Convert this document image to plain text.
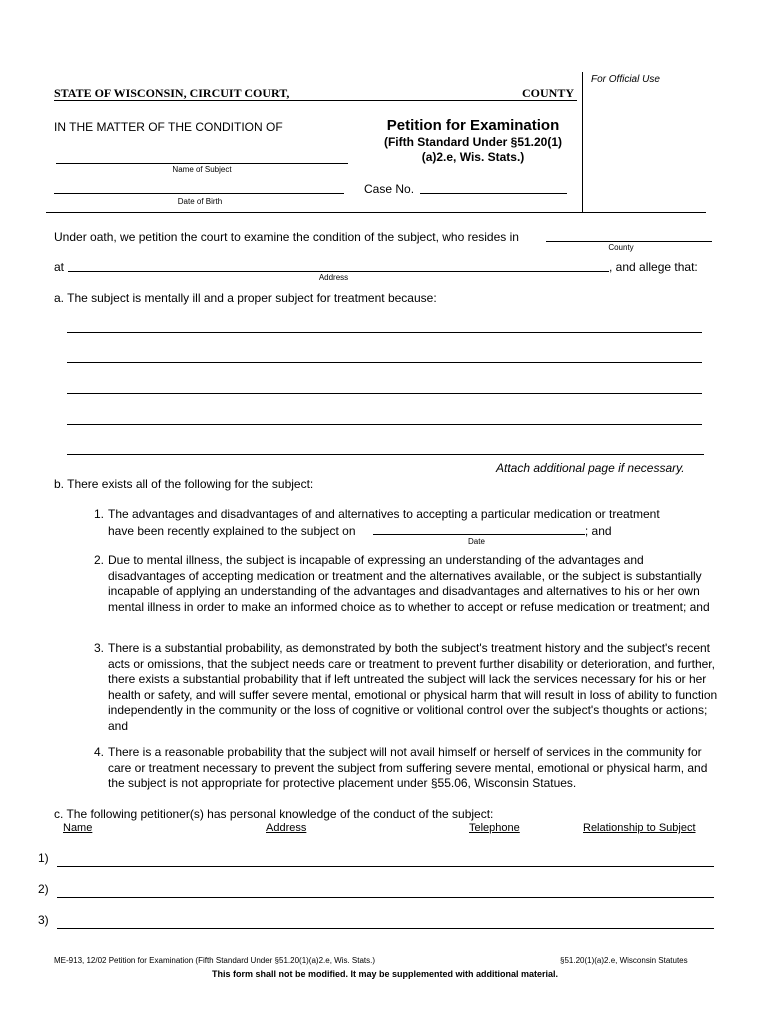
For Official Use
STATE OF WISCONSIN, CIRCUIT COURT,	COUNTY
IN THE MATTER OF THE CONDITION OF
Name of Subject
Date of Birth
Petition for Examination
(Fifth Standard Under §51.20(1)
(a)2.e, Wis. Stats.)
Case No.
Under oath, we petition the court to examine the condition of the subject, who resides in
County
at	, and allege that:
Address
a. The subject is mentally ill and a proper subject for treatment because:
Attach additional page if necessary.
b. There exists all of the following for the subject:
1. The advantages and disadvantages of and alternatives to accepting a particular medication or treatment
have been recently explained to the subject on	; and
Date
2. Due to mental illness, the subject is incapable of expressing an understanding of the advantages and disadvantages of accepting medication or treatment and the alternatives available, or the subject is substantially incapable of applying an understanding of the advantages and disadvantages and alternatives to his or her own mental illness in order to make an informed choice as to whether to accept or refuse medication or treatment; and
3. There is a substantial probability, as demonstrated by both the subject's treatment history and the subject's recent acts or omissions, that the subject needs care or treatment to prevent further disability or deterioration, and further, there exists a substantial probability that if left untreated the subject will lack the services necessary for his or her health or safety, and will suffer severe mental, emotional or physical harm that will result in loss of ability to function independently in the community or the loss of cognitive or volitional control over the subject's thoughts or actions; and
4. There is a reasonable probability that the subject will not avail himself or herself of services in the community for care or treatment necessary to prevent the subject from suffering severe mental, emotional or physical harm, and the subject is not appropriate for protective placement under §55.06, Wisconsin Statues.
c. The following petitioner(s) has personal knowledge of the conduct of the subject:
Name	Address	Telephone	Relationship to Subject
1)
2)
3)
ME-913, 12/02 Petition for Examination (Fifth Standard Under §51.20(1)(a)2.e, Wis. Stats.)	§51.20(1)(a)2.e, Wisconsin Statutes
This form shall not be modified. It may be supplemented with additional material.
